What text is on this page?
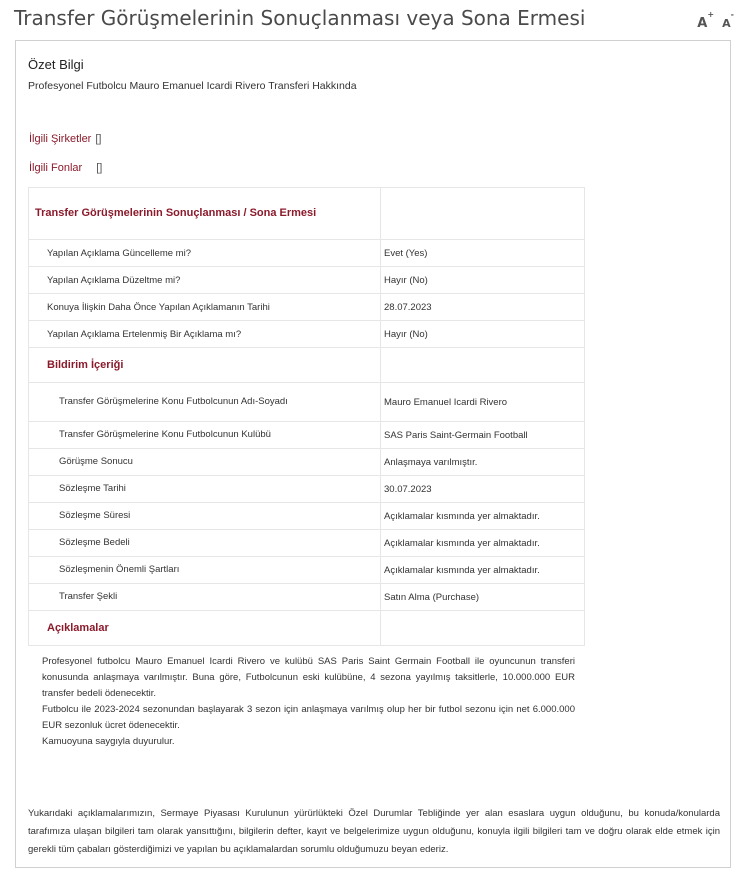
Transfer Görüşmelerinin Sonuçlanması veya Sona Ermesi	A+ A-
Özet Bilgi
Profesyonel Futbolcu Mauro Emanuel Icardi Rivero Transferi Hakkında
İlgili Şirketler []
İlgili Fonlar []
Transfer Görüşmelerinin Sonuçlanması / Sona Ermesi	
Yapılan Açıklama Güncelleme mi?	Evet (Yes)
Yapılan Açıklama Düzeltme mi?	Hayır (No)
Konuya İlişkin Daha Önce Yapılan Açıklamanın Tarihi	28.07.2023
Yapılan Açıklama Ertelenmiş Bir Açıklama mı?	Hayır (No)
Bildirim İçeriği	
Transfer Görüşmelerine Konu Futbolcunun Adı-Soyadı	Mauro Emanuel Icardi Rivero
Transfer Görüşmelerine Konu Futbolcunun Kulübü	SAS Paris Saint-Germain Football
Görüşme Sonucu	Anlaşmaya varılmıştır.
Sözleşme Tarihi	30.07.2023
Sözleşme Süresi	Açıklamalar kısmında yer almaktadır.
Sözleşme Bedeli	Açıklamalar kısmında yer almaktadır.
Sözleşmenin Önemli Şartları	Açıklamalar kısmında yer almaktadır.
Transfer Şekli	Satın Alma (Purchase)
Açıklamalar	

Profesyonel futbolcu Mauro Emanuel Icardi Rivero ve kulübü SAS Paris Saint Germain Football ile oyuncunun transferi konusunda anlaşmaya varılmıştır. Buna göre, Futbolcunun eski kulübüne, 4 sezona yayılmış taksitlerle, 10.000.000 EUR transfer bedeli ödenecektir.

Futbolcu ile 2023-2024 sezonundan başlayarak 3 sezon için anlaşmaya varılmış olup her bir futbol sezonu için net 6.000.000 EUR sezonluk ücret ödenecektir.

Kamuoyuna saygıyla duyurulur.

Yukarıdaki açıklamalarımızın, Sermaye Piyasası Kurulunun yürürlükteki Özel Durumlar Tebliğinde yer alan esaslara uygun olduğunu, bu konuda/konularda tarafımıza ulaşan bilgileri tam olarak yansıttığını, bilgilerin defter, kayıt ve belgelerimize uygun olduğunu, konuyla ilgili bilgileri tam ve doğru olarak elde etmek için gerekli tüm çabaları gösterdiğimizi ve yapılan bu açıklamalardan sorumlu olduğumuzu beyan ederiz.
